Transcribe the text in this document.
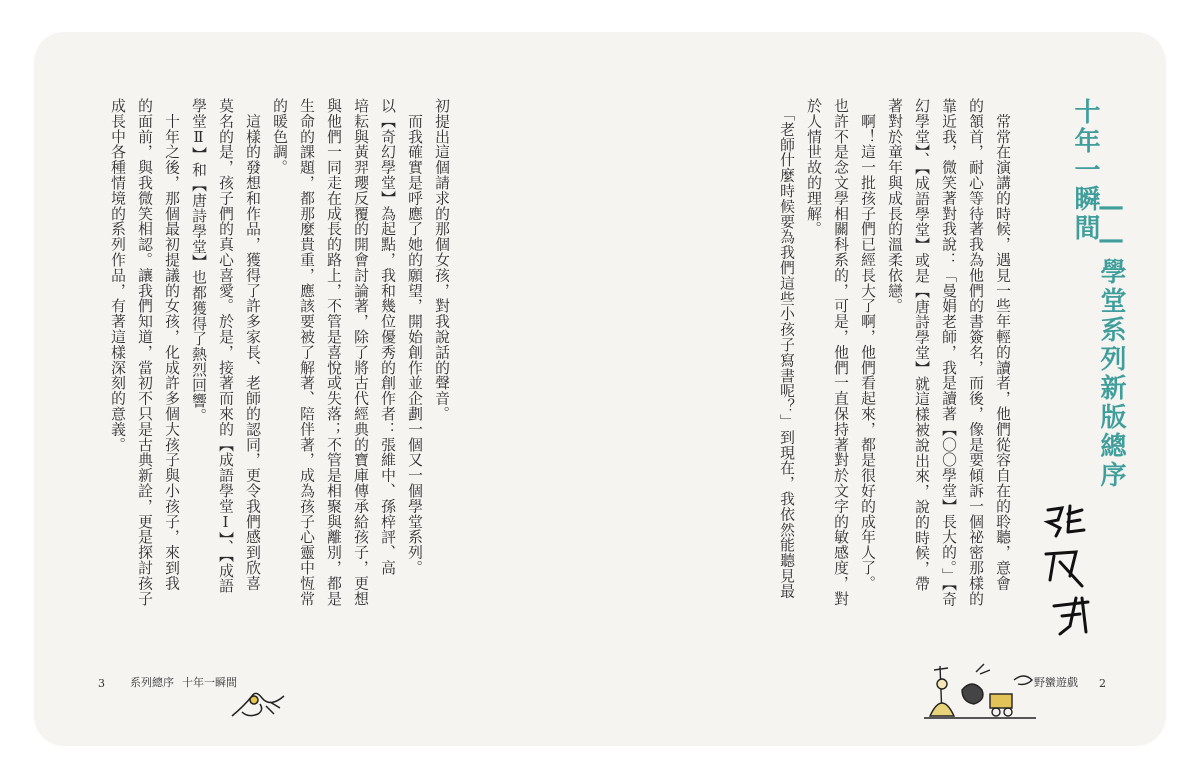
十年一瞬間
——學堂系列新版總序
　常常在演講的時候，遇見一些年輕的讀者，他們從容自在的聆聽，意會
的頷首，耐心等待著我為他們的書簽名，而後，像是要傾訴一個祕密那樣的
靠近我，微笑著對我說：「曼娟老師，我是讀著【〇〇學堂】長大的。」【奇
幻學堂】、【成語學堂】或是【唐詩學堂】就這樣被說出來，說的時候，帶
著對於童年與成長的溫柔依戀。
　啊！這一批孩子們已經長大了啊，他們看起來，都是很好的成年人了。
也許不是念文學相關科系的，可是，他們一直保持著對於文字的敏感度，對
於人情世故的理解。
　「老師什麼時候要為我們這些小孩子寫書呢？」到現在，我依然能聽見最
初提出這個請求的那個女孩，對我說話的聲音。
　而我確實是呼應了她的願望，開始創作並企劃一個又一個學堂系列。
以【奇幻學堂】為起點，我和幾位優秀的創作者：張維中、孫梓評、高
培耘與黃羿瓔反覆的開會討論著，除了將古代經典的寶庫傳承給孩子，更想
與他們一同走在成長的路上，不管是喜悅或失落；不管是相聚與離別，都是
生命的課題，都那麼貴重，應該要被了解著、陪伴著，成為孩子心靈中恆常
的暖色調。
　這樣的發想和作品，獲得了許多家長、老師的認同，更令我們感到欣喜
莫名的是，孩子們的真心喜愛。於是，接著而來的【成語學堂Ⅰ】、【成語
學堂Ⅱ】和【唐詩學堂】也都獲得了熱烈回響。
　十年之後，那個最初提議的女孩，化成許多個大孩子與小孩子，來到我
的面前，與我微笑相認。讓我們知道，當初不只是古典新詮，更是探討孩子
成長中各種情境的系列作品，有著這樣深刻的意義。
3 系列總序 十年一瞬間	野蠻遊戲 2
